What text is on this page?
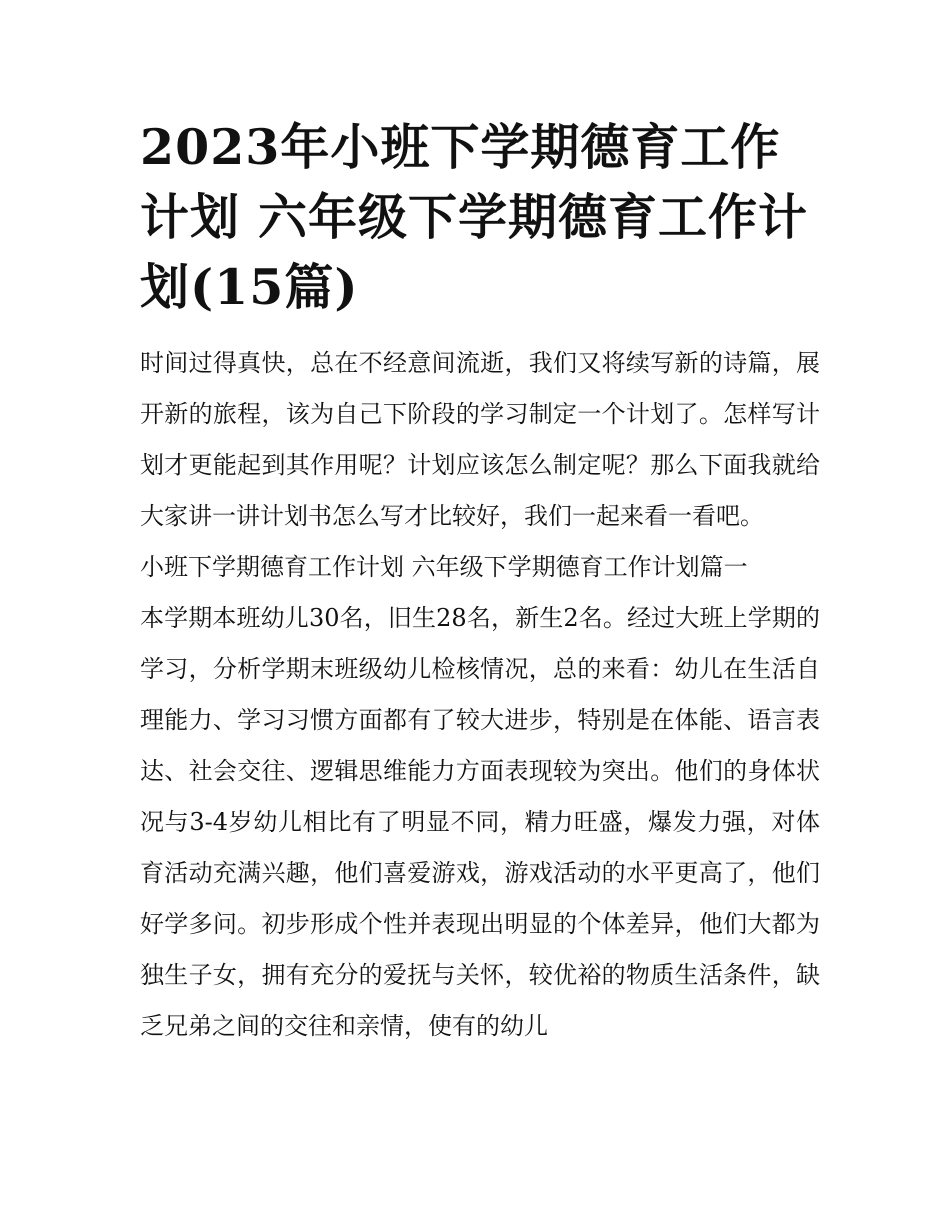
2023年小班下学期德育工作计划 六年级下学期德育工作计划(15篇)

时间过得真快，总在不经意间流逝，我们又将续写新的诗篇，展开新的旅程，该为自己下阶段的学习制定一个计划了。怎样写计划才更能起到其作用呢？计划应该怎么制定呢？那么下面我就给大家讲一讲计划书怎么写才比较好，我们一起来看一看吧。

小班下学期德育工作计划 六年级下学期德育工作计划篇一

本学期本班幼儿30名，旧生28名，新生2名。经过大班上学期的学习，分析学期末班级幼儿检核情况，总的来看：幼儿在生活自理能力、学习习惯方面都有了较大进步，特别是在体能、语言表达、社会交往、逻辑思维能力方面表现较为突出。他们的身体状况与3-4岁幼儿相比有了明显不同，精力旺盛，爆发力强，对体育活动充满兴趣，他们喜爱游戏，游戏活动的水平更高了，他们好学多问。初步形成个性并表现出明显的个体差异，他们大都为独生子女，拥有充分的爱抚与关怀，较优裕的物质生活条件，缺乏兄弟之间的交往和亲情，使有的幼儿
